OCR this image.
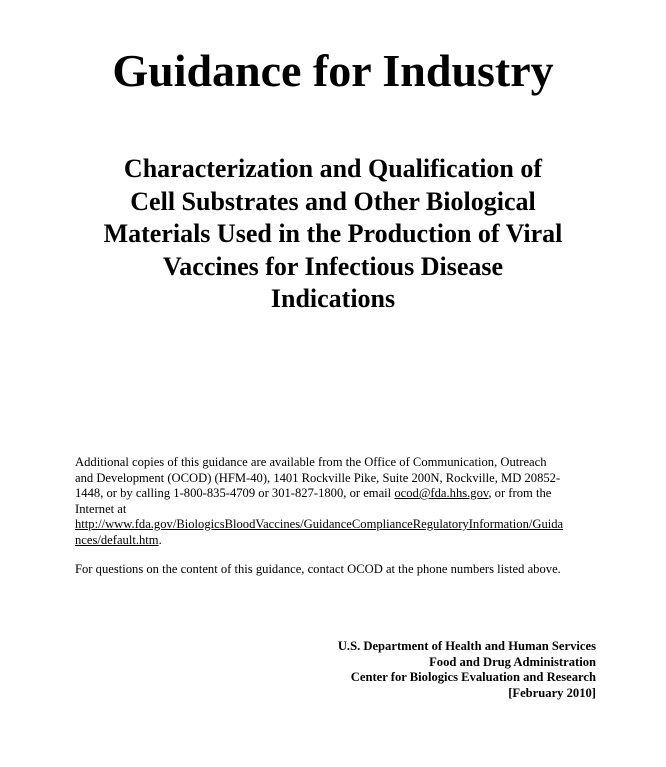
Guidance for Industry
Characterization and Qualification of
Cell Substrates and Other Biological
Materials Used in the Production of Viral
Vaccines for Infectious Disease
Indications

Additional copies of this guidance are available from the Office of Communication, Outreach
and Development (OCOD) (HFM-40), 1401 Rockville Pike, Suite 200N, Rockville, MD 20852-
1448, or by calling 1-800-835-4709 or 301-827-1800, or email ocod@fda.hhs.gov, or from the
Internet at
http://www.fda.gov/BiologicsBloodVaccines/GuidanceComplianceRegulatoryInformation/Guida
nces/default.htm.

For questions on the content of this guidance, contact OCOD at the phone numbers listed above.

U.S. Department of Health and Human Services
Food and Drug Administration
Center for Biologics Evaluation and Research
[February 2010]
